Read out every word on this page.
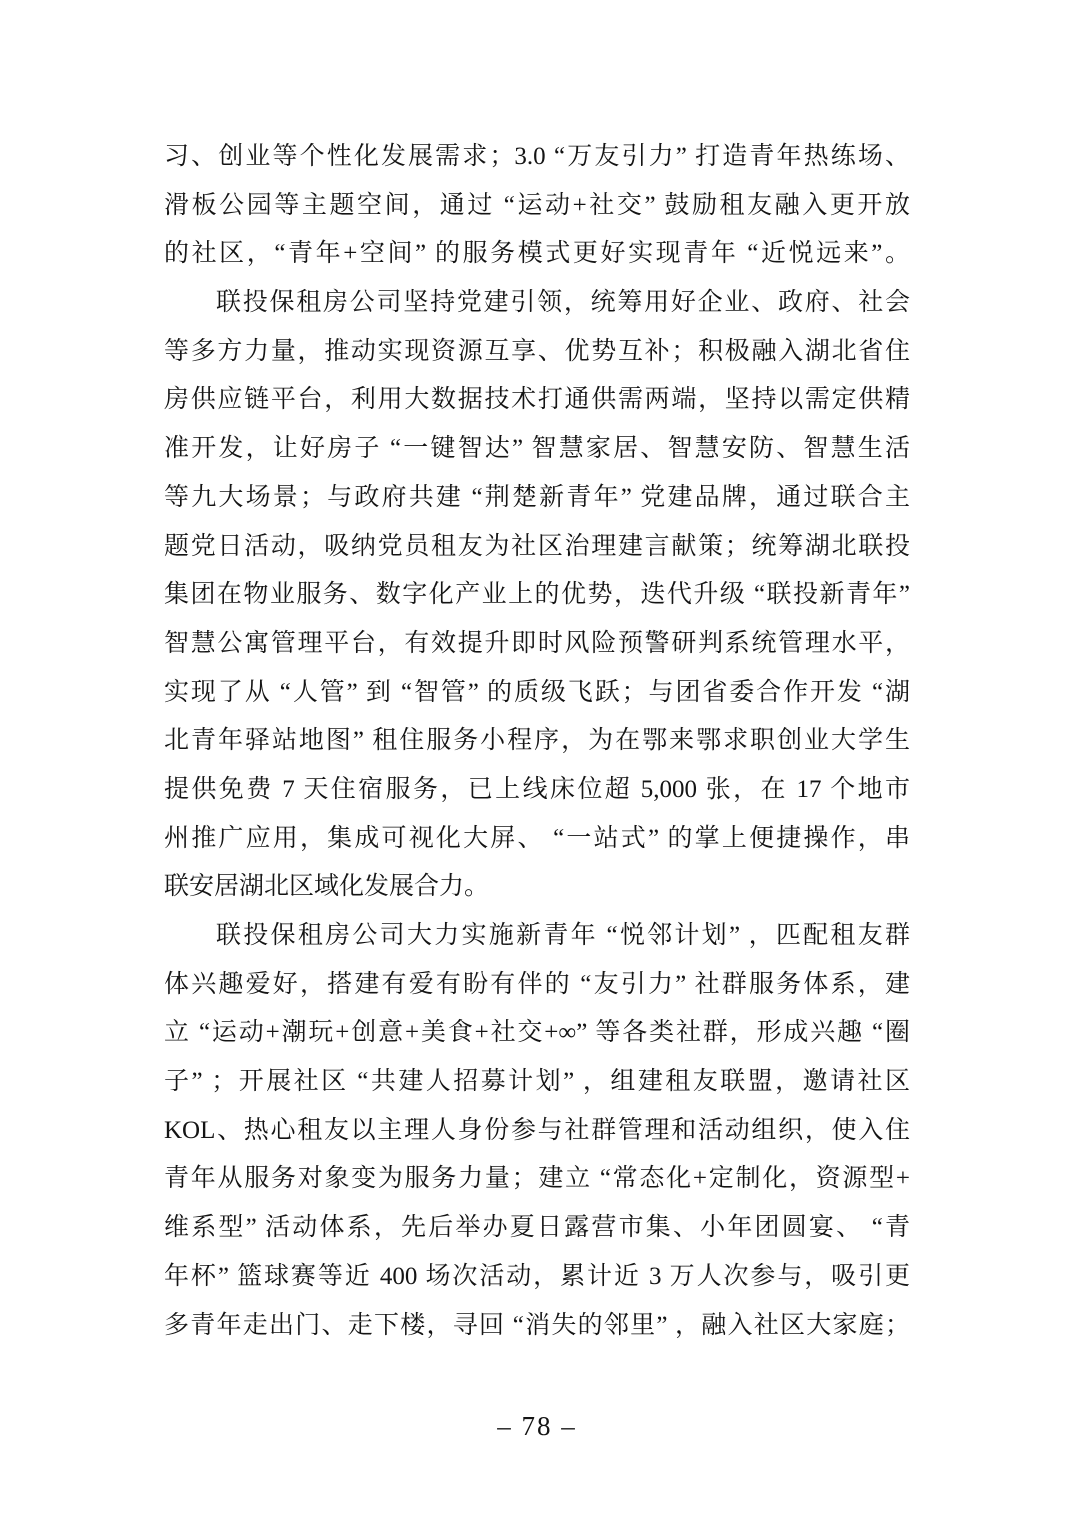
习、创业等个性化发展需求；3.0 “万友引力” 打造青年热练场、
滑板公园等主题空间，通过 “运动+社交” 鼓励租友融入更开放
的社区，“青年+空间” 的服务模式更好实现青年 “近悦远来”。
联投保租房公司坚持党建引领，统筹用好企业、政府、社会
等多方力量，推动实现资源互享、优势互补；积极融入湖北省住
房供应链平台，利用大数据技术打通供需两端，坚持以需定供精
准开发，让好房子 “一键智达” 智慧家居、智慧安防、智慧生活
等九大场景；与政府共建 “荆楚新青年” 党建品牌，通过联合主
题党日活动，吸纳党员租友为社区治理建言献策；统筹湖北联投
集团在物业服务、数字化产业上的优势，迭代升级 “联投新青年”
智慧公寓管理平台，有效提升即时风险预警研判系统管理水平，
实现了从 “人管” 到 “智管” 的质级飞跃；与团省委合作开发 “湖
北青年驿站地图” 租住服务小程序，为在鄂来鄂求职创业大学生
提供免费 7 天住宿服务，已上线床位超 5,000 张，在 17 个地市
州推广应用，集成可视化大屏、 “一站式” 的掌上便捷操作，串
联安居湖北区域化发展合力。
联投保租房公司大力实施新青年 “悦邻计划” ，匹配租友群
体兴趣爱好，搭建有爱有盼有伴的 “友引力” 社群服务体系，建
立 “运动+潮玩+创意+美食+社交+∞” 等各类社群，形成兴趣 “圈
子” ；开展社区 “共建人招募计划” ，组建租友联盟，邀请社区
KOL、热心租友以主理人身份参与社群管理和活动组织，使入住
青年从服务对象变为服务力量；建立 “常态化+定制化，资源型+
维系型” 活动体系，先后举办夏日露营市集、小年团圆宴、 “青
年杯” 篮球赛等近 400 场次活动，累计近 3 万人次参与，吸引更
多青年走出门、走下楼，寻回 “消失的邻里” ，融入社区大家庭；
– 78 –
